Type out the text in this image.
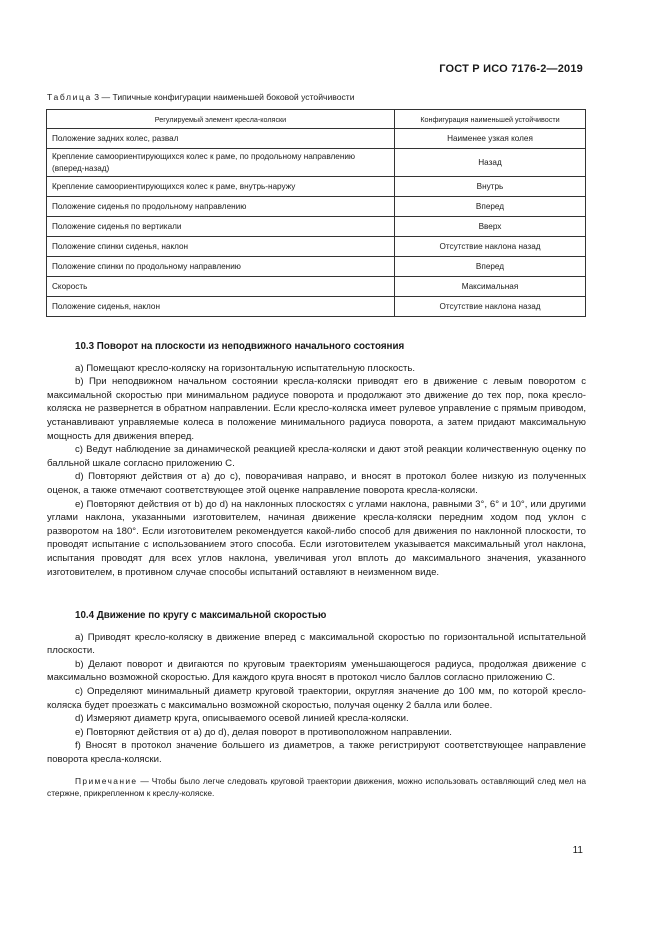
ГОСТ Р ИСО 7176-2—2019
Таблица 3 — Типичные конфигурации наименьшей боковой устойчивости
Регулируемый элемент кресла-коляски	Конфигурация наименьшей устойчивости
Положение задних колес, развал	Наименее узкая колея
Крепление самоориентирующихся колес к раме, по продольному направлению (вперед-назад)	Назад
Крепление самоориентирующихся колес к раме, внутрь-наружу	Внутрь
Положение сиденья по продольному направлению	Вперед
Положение сиденья по вертикали	Вверх
Положение спинки сиденья, наклон	Отсутствие наклона назад
Положение спинки по продольному направлению	Вперед
Скорость	Максимальная
Положение сиденья, наклон	Отсутствие наклона назад

10.3 Поворот на плоскости из неподвижного начального состояния

a) Помещают кресло-коляску на горизонтальную испытательную плоскость.

b) При неподвижном начальном состоянии кресла-коляски приводят его в движение с левым поворотом с максимальной скоростью при минимальном радиусе поворота и продолжают это движение до тех пор, пока кресло-коляска не развернется в обратном направлении. Если кресло-коляска имеет рулевое управление с прямым приводом, устанавливают управляемые колеса в положение минимального радиуса поворота, а затем придают максимальную мощность для движения вперед.

c) Ведут наблюдение за динамической реакцией кресла-коляски и дают этой реакции количественную оценку по балльной шкале согласно приложению С.

d) Повторяют действия от а) до с), поворачивая направо, и вносят в протокол более низкую из полученных оценок, а также отмечают соответствующее этой оценке направление поворота кресла-коляски.

e) Повторяют действия от b) до d) на наклонных плоскостях с углами наклона, равными 3°, 6° и 10°, или другими углами наклона, указанными изготовителем, начиная движение кресла-коляски передним ходом под уклон с разворотом на 180°. Если изготовителем рекомендуется какой-либо способ для движения по наклонной плоскости, то проводят испытание с использованием этого способа. Если изготовителем указывается максимальный угол наклона, испытания проводят для всех углов наклона, увеличивая угол вплоть до максимального значения, указанного изготовителем, в противном случае способы испытаний оставляют в неизменном виде.

10.4 Движение по кругу с максимальной скоростью

a) Приводят кресло-коляску в движение вперед с максимальной скоростью по горизонтальной испытательной плоскости.

b) Делают поворот и двигаются по круговым траекториям уменьшающегося радиуса, продолжая движение с максимально возможной скоростью. Для каждого круга вносят в протокол число баллов согласно приложению С.

c) Определяют минимальный диаметр круговой траектории, округляя значение до 100 мм, по которой кресло-коляска будет проезжать с максимально возможной скоростью, получая оценку 2 балла или более.

d) Измеряют диаметр круга, описываемого осевой линией кресла-коляски.

e) Повторяют действия от а) до d), делая поворот в противоположном направлении.

f) Вносят в протокол значение большего из диаметров, а также регистрируют соответствующее направление поворота кресла-коляски.

Примечание — Чтобы было легче следовать круговой траектории движения, можно использовать оставляющий след мел на стержне, прикрепленном к креслу-коляске.

11
